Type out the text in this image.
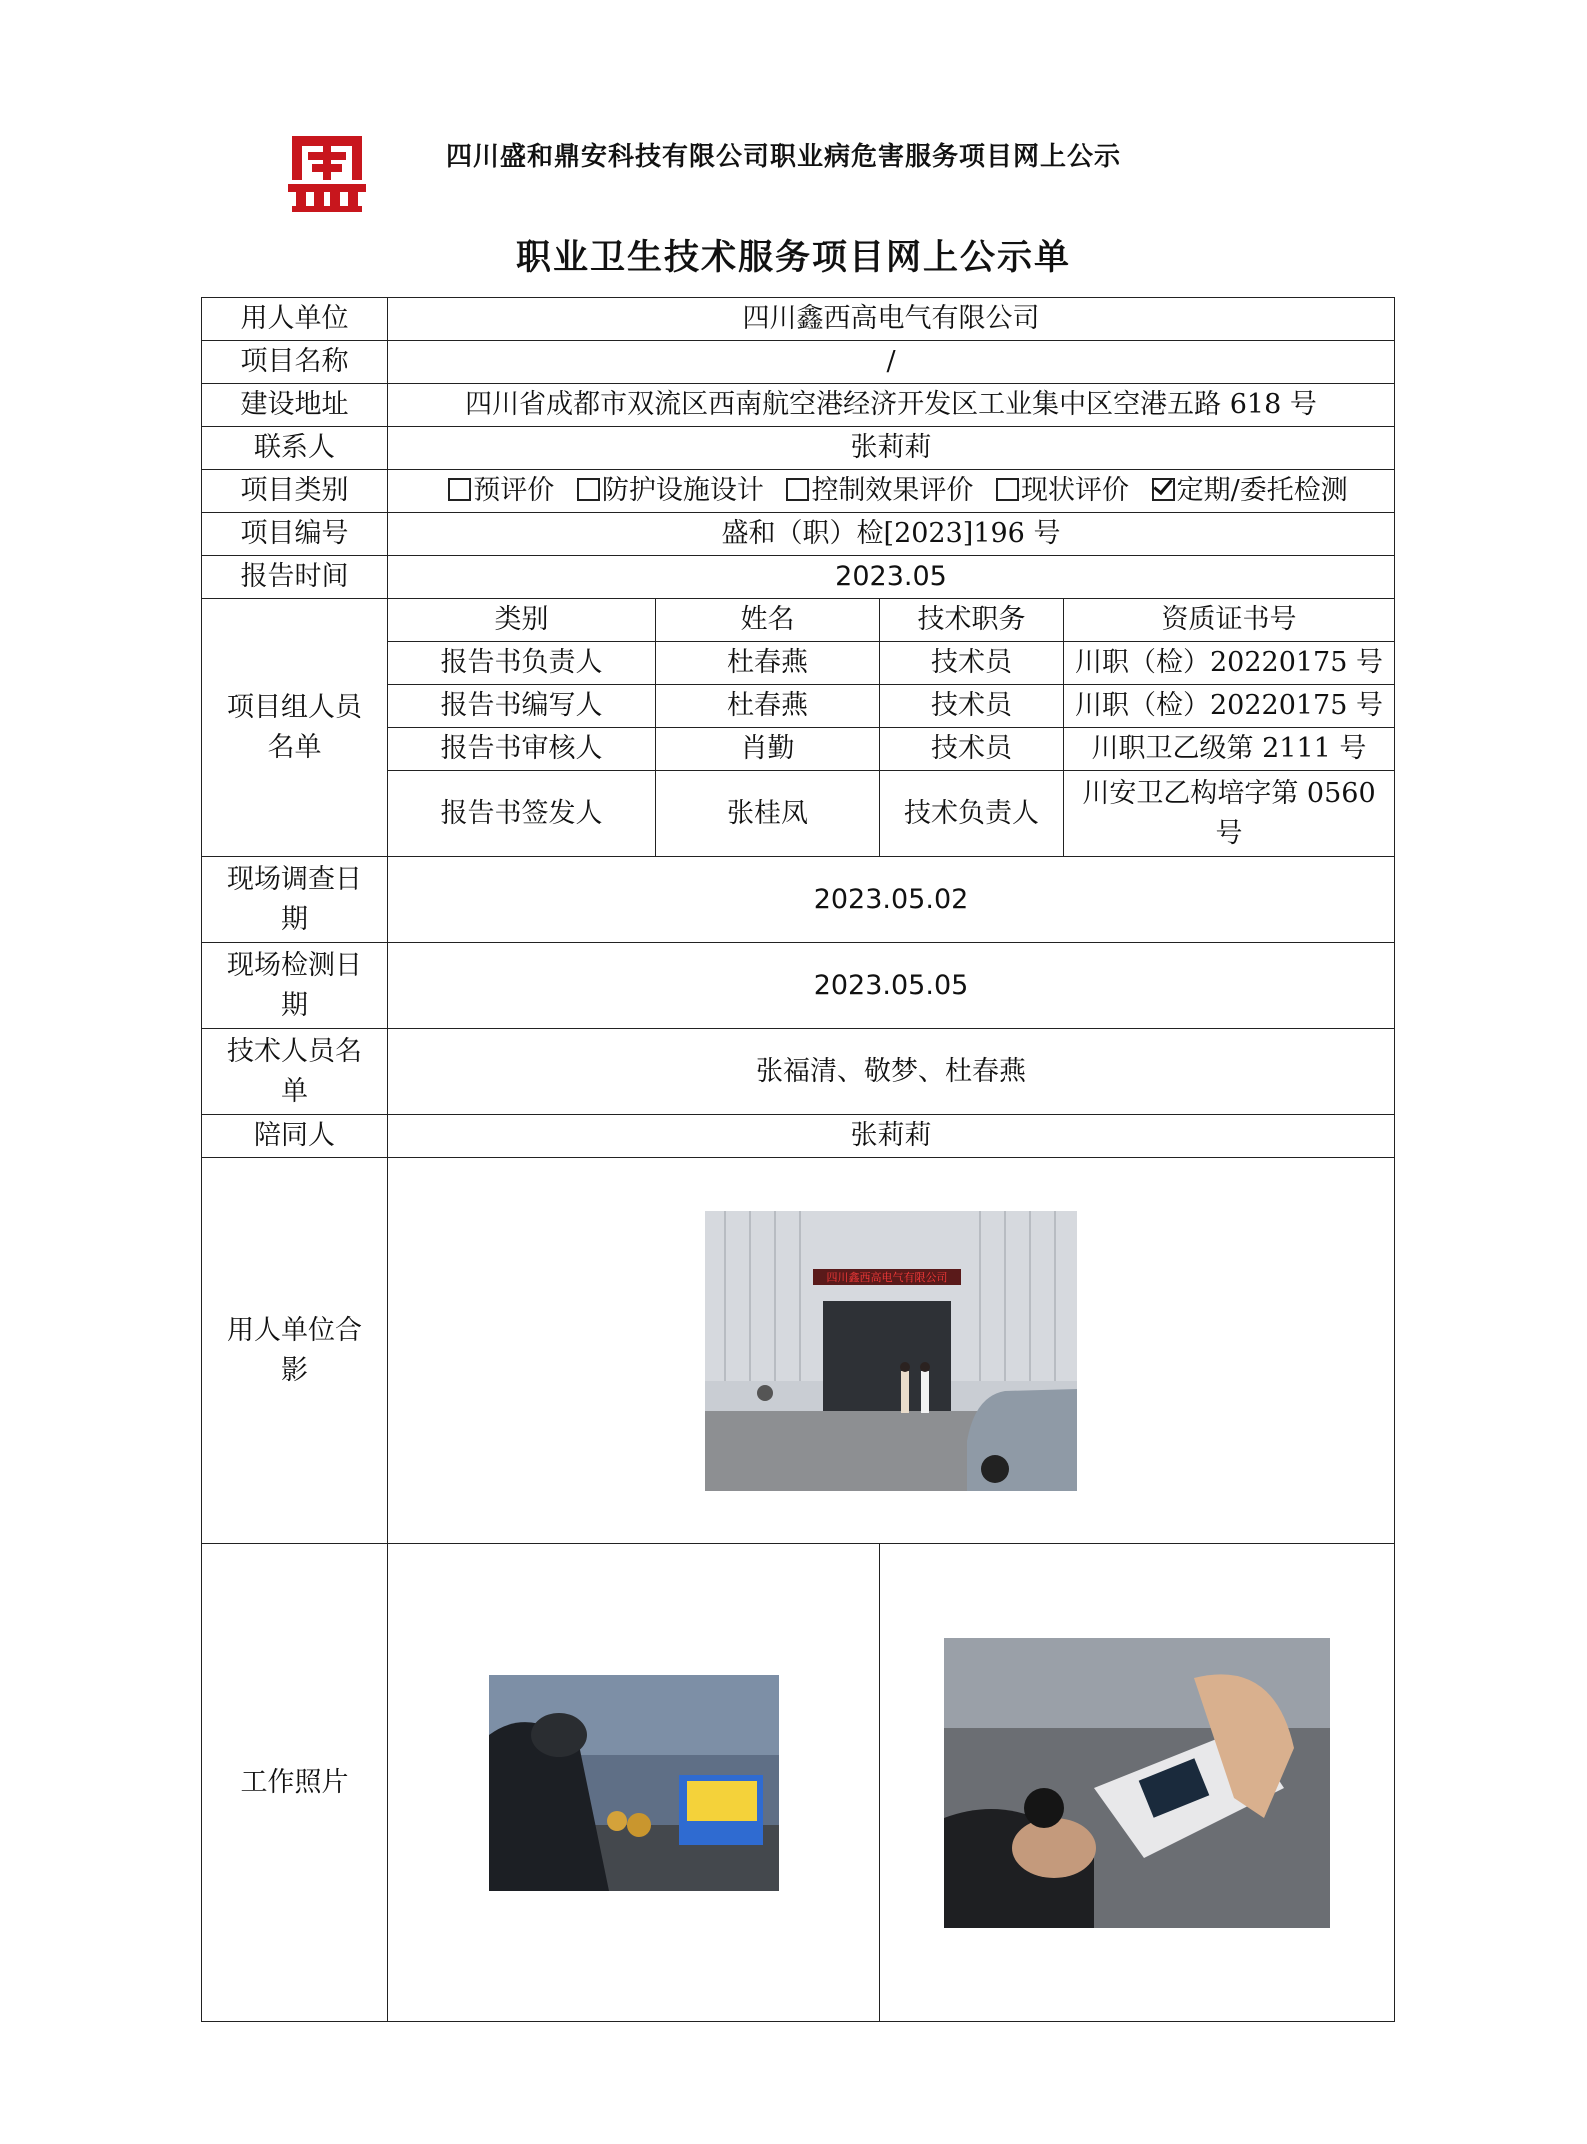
四川盛和鼎安科技有限公司职业病危害服务项目网上公示
职业卫生技术服务项目网上公示单
用人单位	四川鑫西高电气有限公司			
项目名称	/			
建设地址	四川省成都市双流区西南航空港经济开发区工业集中区空港五路 618 号			
联系人	张莉莉			
项目类别	预评价 防护设施设计 控制效果评价 现状评价 定期/委托检测			
项目编号	盛和（职）检[2023]196 号			
报告时间	2023.05			
项目组人员名单	类别	姓名	技术职务	资质证书号
	报告书负责人	杜春燕	技术员	川职（检）20220175 号
	报告书编写人	杜春燕	技术员	川职（检）20220175 号
	报告书审核人	肖勤	技术员	川职卫乙级第 2111 号
	报告书签发人	张桂凤	技术负责人	川安卫乙构培字第 0560 号

现场调查日期	2023.05.02			
现场检测日期	2023.05.05			
技术人员名单	张福清、敬梦、杜春燕			
陪同人	张莉莉			
用人单位合影	四川鑫西高电气有限公司			

工作照片	
